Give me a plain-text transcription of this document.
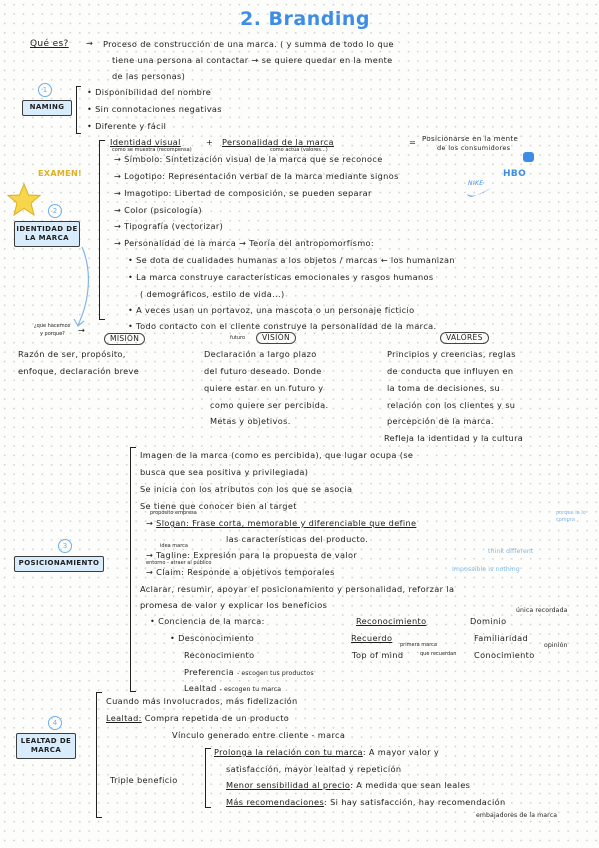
2. Branding
Qué es? → Proceso de construcción de una marca. ( y summa de todo lo que
tiene una persona al contactar → se quiere quedar en la mente
de las personas)
1
NAMING
• Disponibilidad del nombre
• Sin connotaciones negativas
• Diferente y fácil
EXAMEN!
2
IDENTIDAD DE LA MARCA
Identidad visual	+ Personalidad de la marca	= Posicionarse en la mente
de los consumidores
como se muestra (recompensa)	como actúa (valores...)
→ Símbolo: Sintetización visual de la marca que se reconoce
→ Logotipo: Representación verbal de la marca mediante signos	HBO
→ Imagotipo: Libertad de composición, se pueden separar
NIKE
→ Color (psicología)
→ Tipografía (vectorizar)
→ Personalidad de la marca → Teoría del antropomorfismo:
• Se dota de cualidades humanas a los objetos / marcas ← los humanizan
• La marca construye características emocionales y rasgos humanos
( demográficos, estilo de vida...)
• A veces usan un portavoz, una mascota o un personaje ficticio
• Todo contacto con el cliente construye la personalidad de la marca.
¿que hacemos
y porque? →
MISIÓN	futuro	VISIÓN	VALORES
Razón de ser, propósito,
enfoque, declaración breve
Declaración a largo plazo
del futuro deseado. Donde
quiere estar en un futuro y
como quiere ser percibida.
Metas y objetivos.
Principios y creencias, reglas
de conducta que influyen en
la toma de decisiones, su
relación con los clientes y su
percepción de la marca.
Refleja la identidad y la cultura
3
POSICIONAMIENTO
Imagen de la marca (como es percibida), que lugar ocupa (se
busca que sea positiva y privilegiada)
Se inicia con los atributos con los que se asocia
Se tiene que conocer bien al target
propósito empresa
→ Slogan: Frase corta, memorable y diferenciable que define
las características del producto.
porque la lo compra
idea marca
→ Tagline: Expresión para la propuesta de valor	think different
entorno - atraer al público
→ Claim: Responde a objetivos temporales	Impossible is nothing
Aclarar, resumir, apoyar el posicionamiento y personalidad, reforzar la
promesa de valor y explicar los beneficios
única recordada
• Conciencia de la marca:	Reconocimiento	Dominio
• Desconocimiento	Recuerdo	Familiaridad
primera marca	opinión
Reconocimiento	Top of mind	que recuerdan Conocimiento
Preferencia - escogen tus productos
Lealtad - escogen tu marca
4
LEALTAD DE MARCA
Cuando más involucrados, más fidelización
Lealtad: Compra repetida de un producto
Vínculo generado entre cliente - marca
Triple beneficio
Prolonga la relación con tu marca: A mayor valor y
satisfacción, mayor lealtad y repetición
Menor sensibilidad al precio: A medida que sean leales
Más recomendaciones: Si hay satisfacción, hay recomendación
embajadores de la marca
